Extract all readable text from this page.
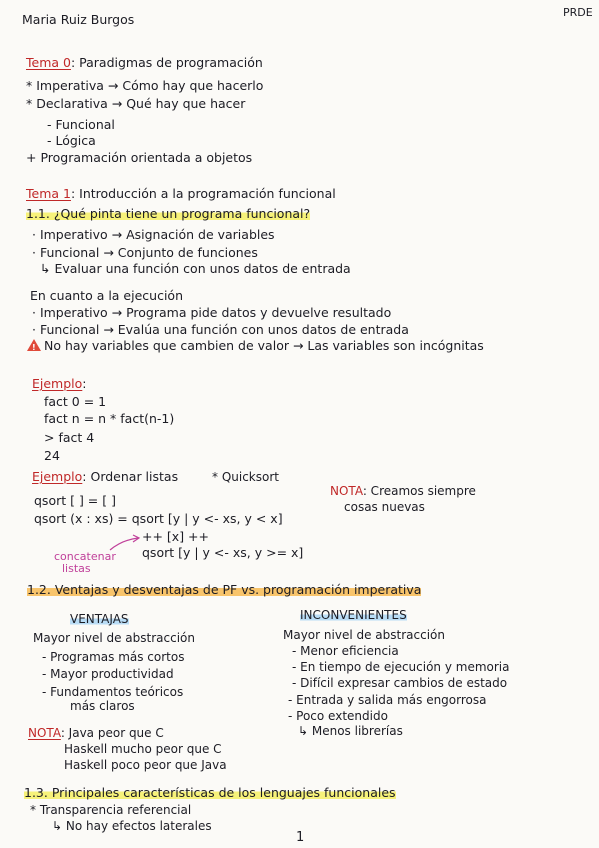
Maria Ruiz Burgos	PRDE
Tema 0: Paradigmas de programación
* Imperativa → Cómo hay que hacerlo
* Declarativa → Qué hay que hacer
- Funcional
- Lógica
+ Programación orientada a objetos
Tema 1: Introducción a la programación funcional
1.1. ¿Qué pinta tiene un programa funcional?
· Imperativo → Asignación de variables
· Funcional → Conjunto de funciones
↳ Evaluar una función con unos datos de entrada
En cuanto a la ejecución
· Imperativo → Programa pide datos y devuelve resultado
· Funcional → Evalúa una función con unos datos de entrada
! No hay variables que cambien de valor → Las variables son incógnitas
Ejemplo:
fact 0 = 1
fact n = n * fact(n-1)
> fact 4
24
Ejemplo: Ordenar listas	* Quicksort
qsort [ ] = [ ]
qsort (x : xs) = qsort [y | y <- xs, y < x]
++ [x] ++
qsort [y | y <- xs, y >= x]
concatenar
listas
NOTA: Creamos siempre
cosas nuevas
1.2. Ventajas y desventajas de PF vs. programación imperativa
VENTAJAS
Mayor nivel de abstracción
- Programas más cortos
- Mayor productividad
- Fundamentos teóricos
más claros
INCONVENIENTES
Mayor nivel de abstracción
- Menor eficiencia
- En tiempo de ejecución y memoria
- Difícil expresar cambios de estado
- Entrada y salida más engorrosa
- Poco extendido
↳ Menos librerías
NOTA: Java peor que C
Haskell mucho peor que C
Haskell poco peor que Java
1.3. Principales características de los lenguajes funcionales
* Transparencia referencial
↳ No hay efectos laterales
1
